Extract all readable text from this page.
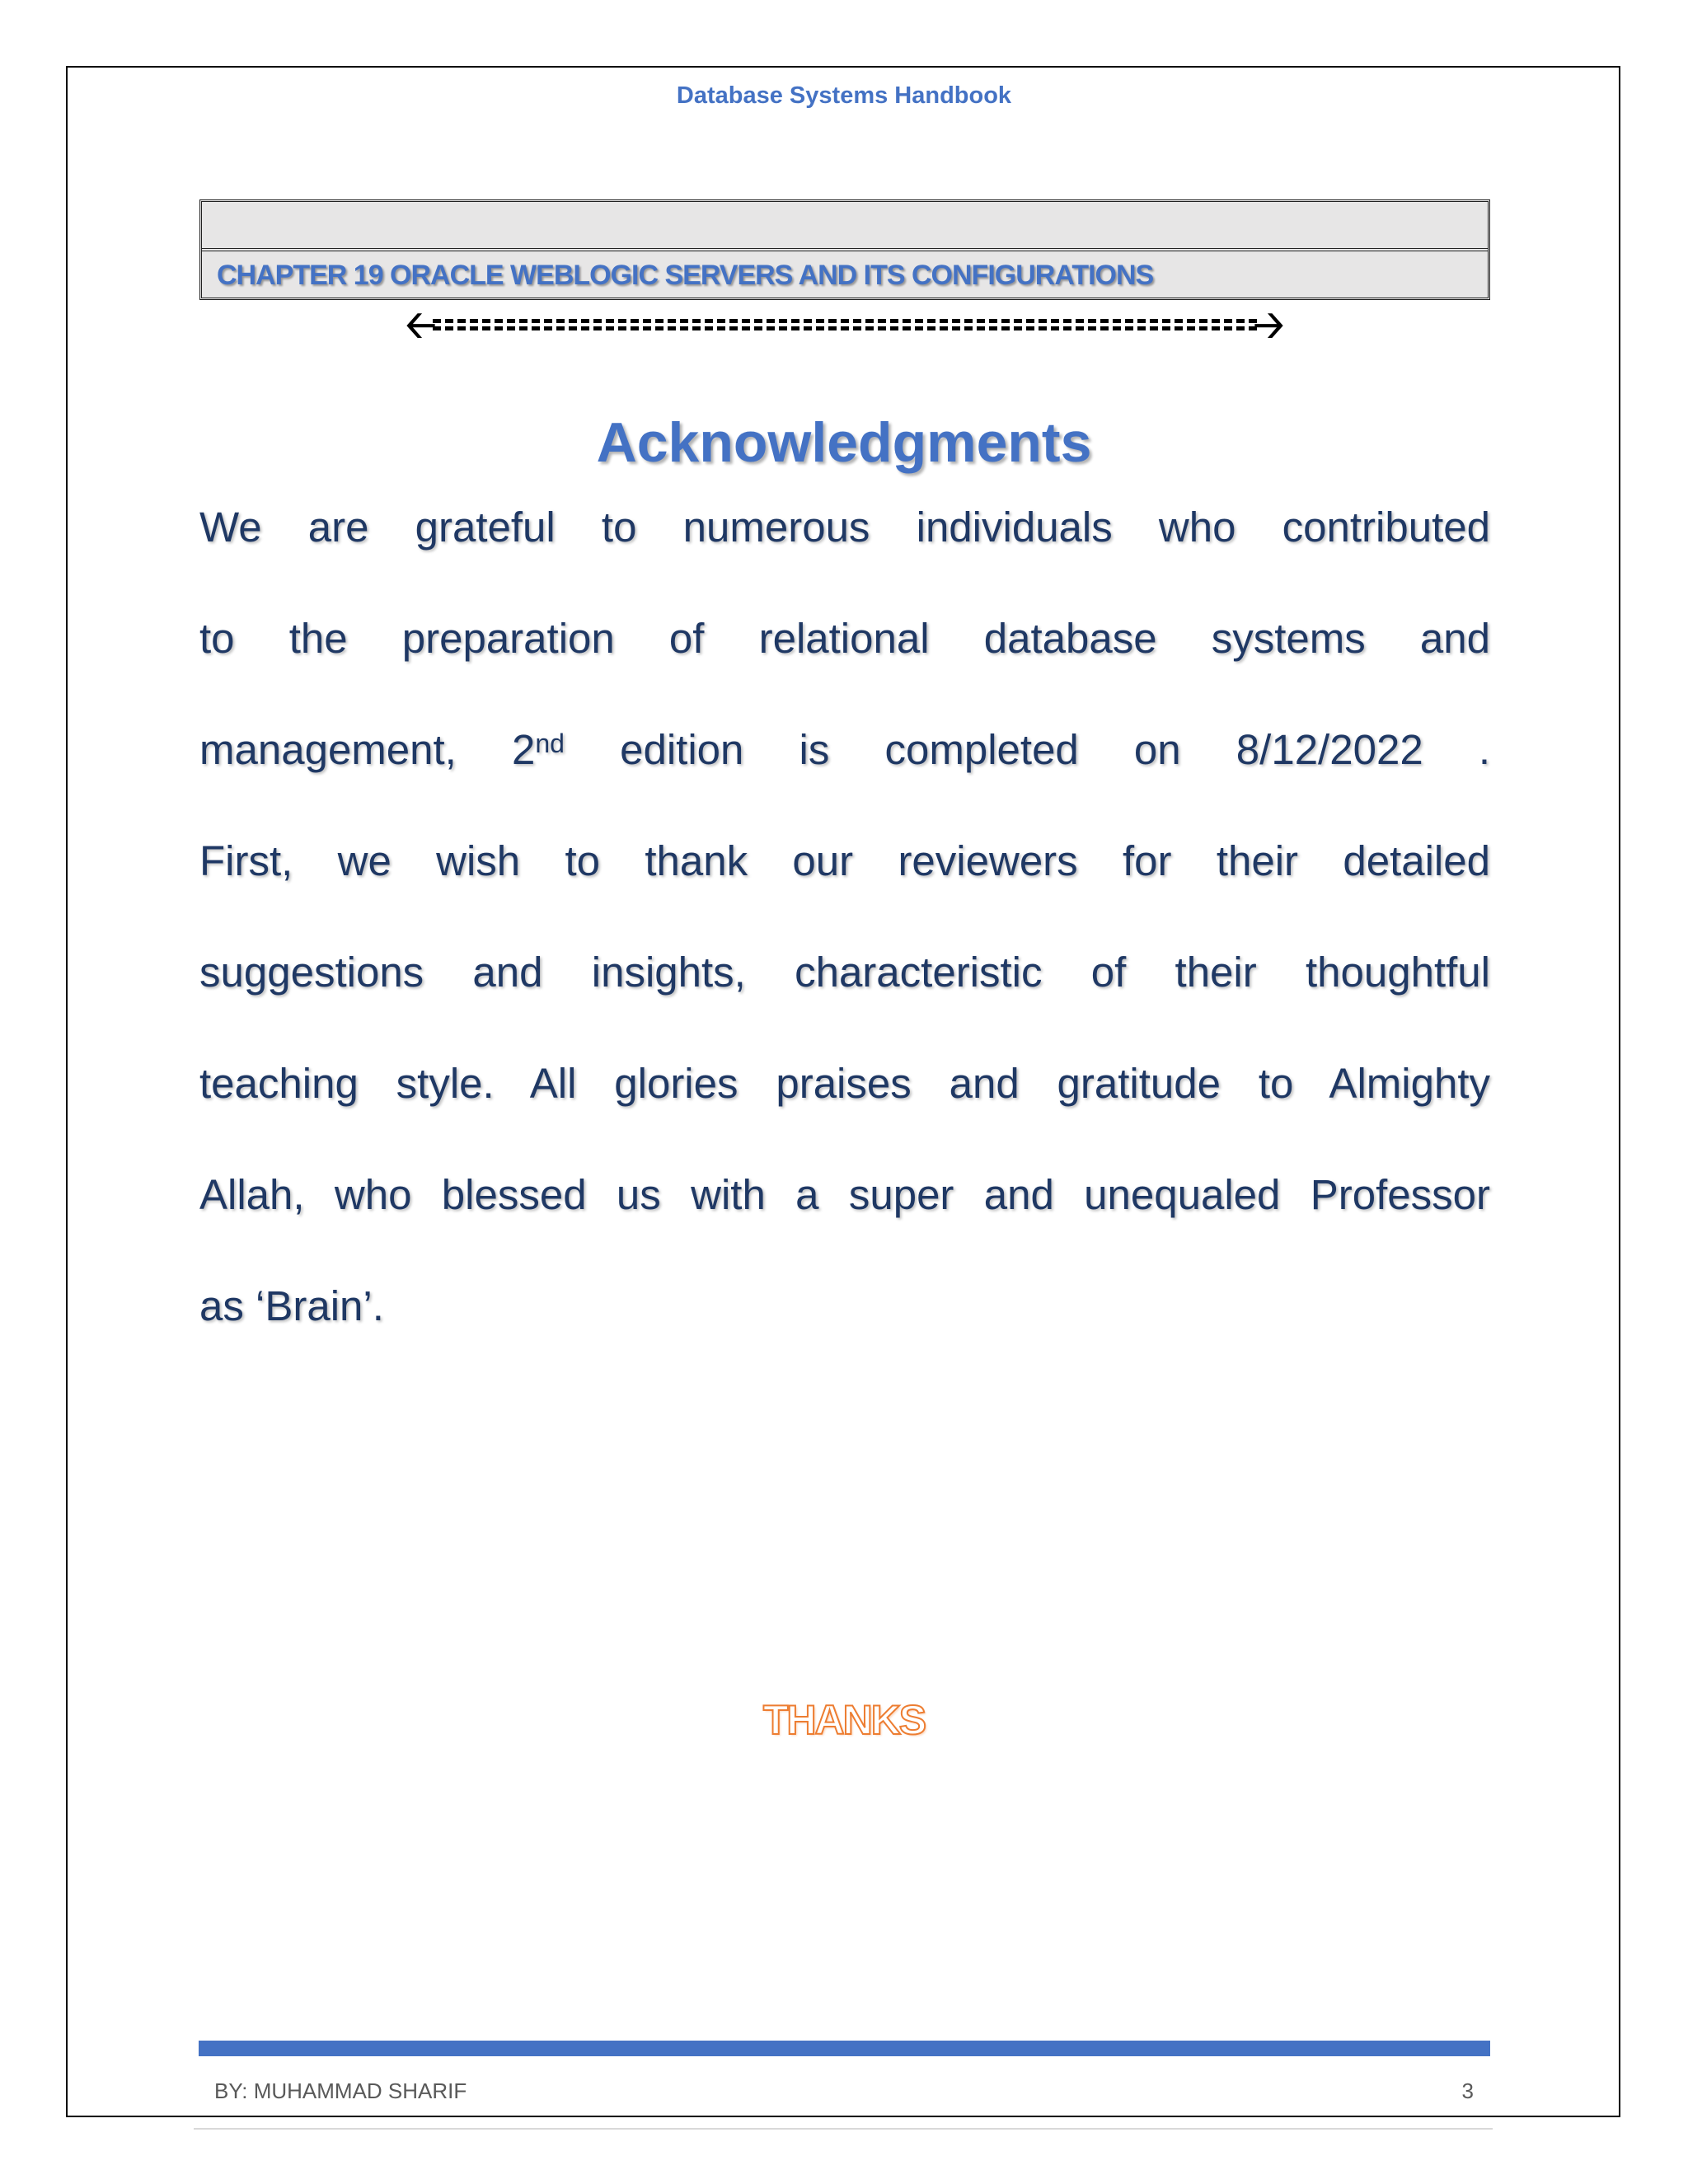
Database Systems Handbook
CHAPTER 19 ORACLE WEBLOGIC SERVERS AND ITS CONFIGURATIONS
🡠	🡢
Acknowledgments
We are grateful to numerous individuals who contributed
to the preparation of relational database systems and
management, 2nd edition is completed on 8/12/2022 .
First, we wish to thank our reviewers for their detailed
suggestions and insights, characteristic of their thoughtful
teaching style. All glories praises and gratitude to Almighty
Allah, who blessed us with a super and unequaled Professor
as ‘Brain’.
THANKS
BY: MUHAMMAD SHARIF	3
